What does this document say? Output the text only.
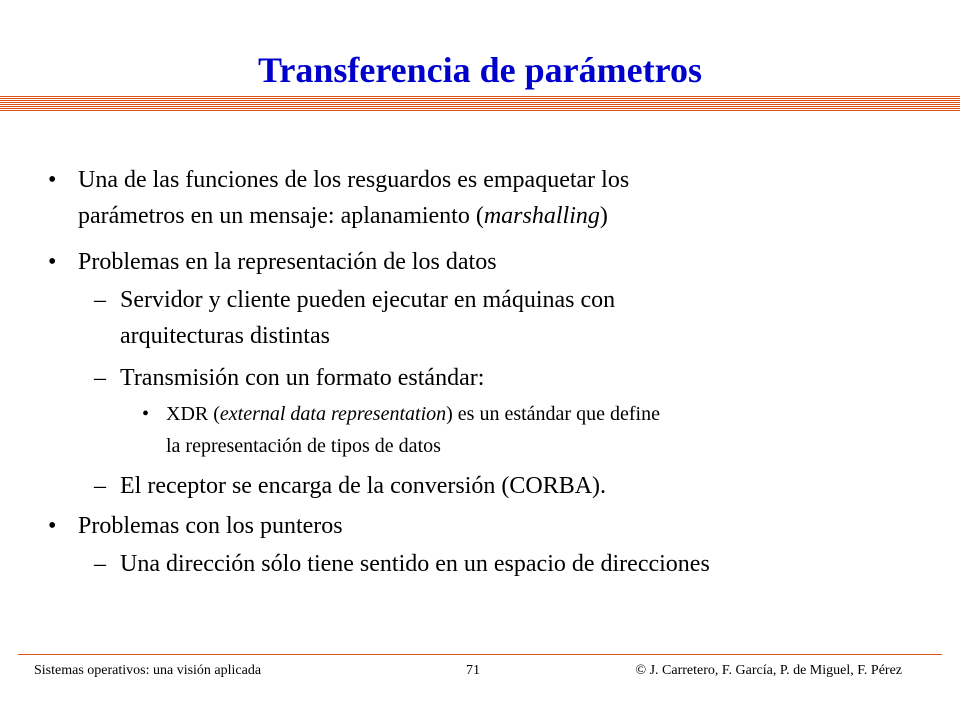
Transferencia de parámetros
• Una de las funciones de los resguardos es empaquetar los
parámetros en un mensaje: aplanamiento (marshalling)
• Problemas en la representación de los datos
– Servidor y cliente pueden ejecutar en máquinas con
arquitecturas distintas
– Transmisión con un formato estándar:
• XDR (external data representation) es un estándar que define
la representación de tipos de datos
– El receptor se encarga de la conversión (CORBA).
• Problemas con los punteros
– Una dirección sólo tiene sentido en un espacio de direcciones
Sistemas operativos: una visión aplicada	71	© J. Carretero, F. García, P. de Miguel, F. Pérez
